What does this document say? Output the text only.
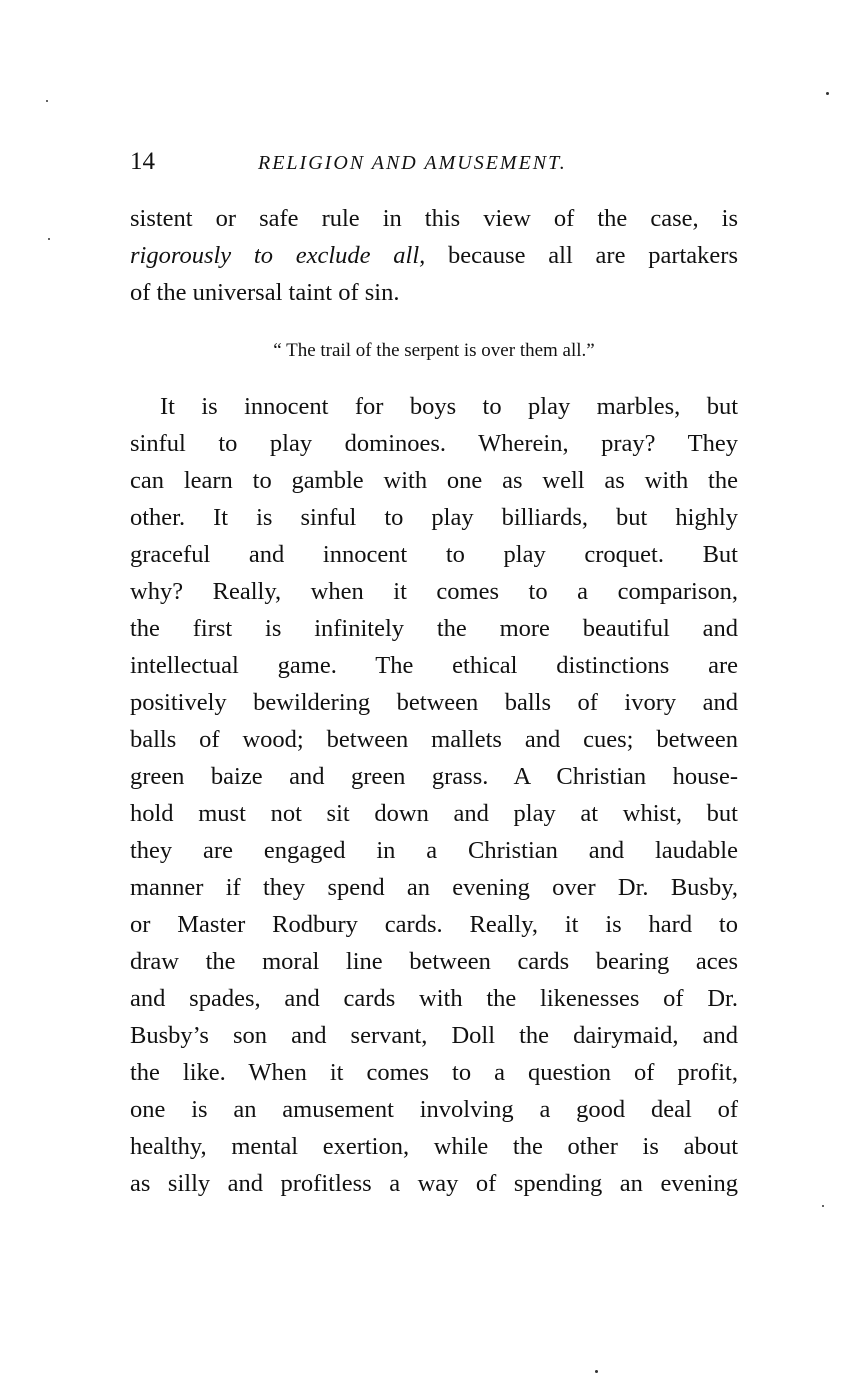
14	RELIGION AND AMUSEMENT.
sistent or safe rule in this view of the case, is
rigorously to exclude all, because all are partakers
of the universal taint of sin.
“ The trail of the serpent is over them all.”
It is innocent for boys to play marbles, but
sinful to play dominoes. Wherein, pray? They
can learn to gamble with one as well as with the
other. It is sinful to play billiards, but highly
graceful and innocent to play croquet. But
why? Really, when it comes to a comparison,
the first is infinitely the more beautiful and
intellectual game. The ethical distinctions are
positively bewildering between balls of ivory and
balls of wood; between mallets and cues; between
green baize and green grass. A Christian house-
hold must not sit down and play at whist, but
they are engaged in a Christian and laudable
manner if they spend an evening over Dr. Busby,
or Master Rodbury cards. Really, it is hard to
draw the moral line between cards bearing aces
and spades, and cards with the likenesses of Dr.
Busby’s son and servant, Doll the dairymaid, and
the like. When it comes to a question of profit,
one is an amusement involving a good deal of
healthy, mental exertion, while the other is about
as silly and profitless a way of spending an evening
